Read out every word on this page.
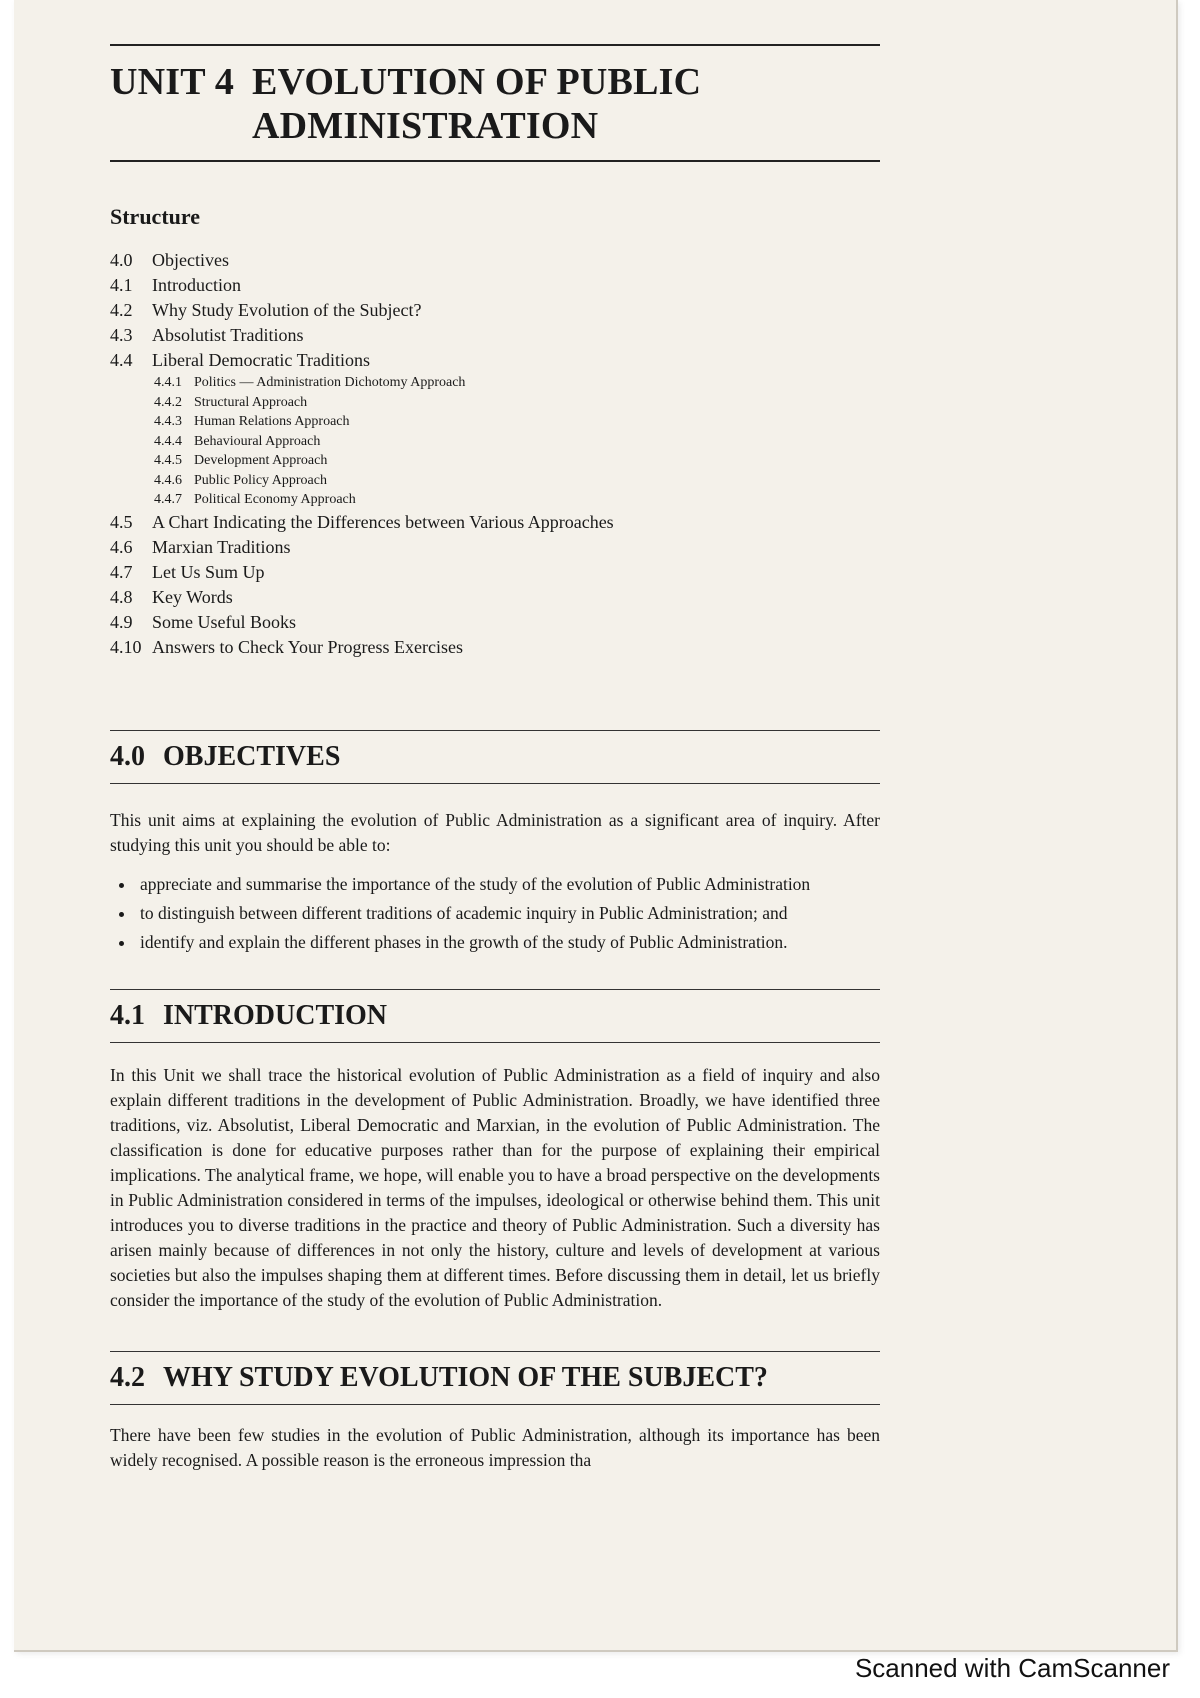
UNIT 4 EVOLUTION OF PUBLIC
ADMINISTRATION
Structure
4.0	Objectives
4.1	Introduction
4.2	Why Study Evolution of the Subject?
4.3	Absolutist Traditions
4.4	Liberal Democratic Traditions
4.4.1 Politics — Administration Dichotomy Approach
4.4.2 Structural Approach
4.4.3 Human Relations Approach
4.4.4 Behavioural Approach
4.4.5 Development Approach
4.4.6 Public Policy Approach
4.4.7 Political Economy Approach
4.5	A Chart Indicating the Differences between Various Approaches
4.6	Marxian Traditions
4.7	Let Us Sum Up
4.8	Key Words
4.9	Some Useful Books
4.10 Answers to Check Your Progress Exercises
4.0 OBJECTIVES

This unit aims at explaining the evolution of Public Administration as a significant area of inquiry. After studying this unit you should be able to:

• appreciate and summarise the importance of the study of the evolution of Public Administration
• to distinguish between different traditions of academic inquiry in Public Administration; and
• identify and explain the different phases in the growth of the study of Public Administration.
4.1 INTRODUCTION

In this Unit we shall trace the historical evolution of Public Administration as a field of inquiry and also explain different traditions in the development of Public Administration. Broadly, we have identified three traditions, viz. Absolutist, Liberal Democratic and Marxian, in the evolution of Public Administration. The classification is done for educative purposes rather than for the purpose of explaining their empirical implications. The analytical frame, we hope, will enable you to have a broad perspective on the developments in Public Administration considered in terms of the impulses, ideological or otherwise behind them. This unit introduces you to diverse traditions in the practice and theory of Public Administration. Such a diversity has arisen mainly because of differences in not only the history, culture and levels of development at various societies but also the impulses shaping them at different times. Before discussing them in detail, let us briefly consider the importance of the study of the evolution of Public Administration.

4.2 WHY STUDY EVOLUTION OF THE SUBJECT?

There have been few studies in the evolution of Public Administration, although its importance has been widely recognised. A possible reason is the erroneous impression tha

Scanned with CamScanner
